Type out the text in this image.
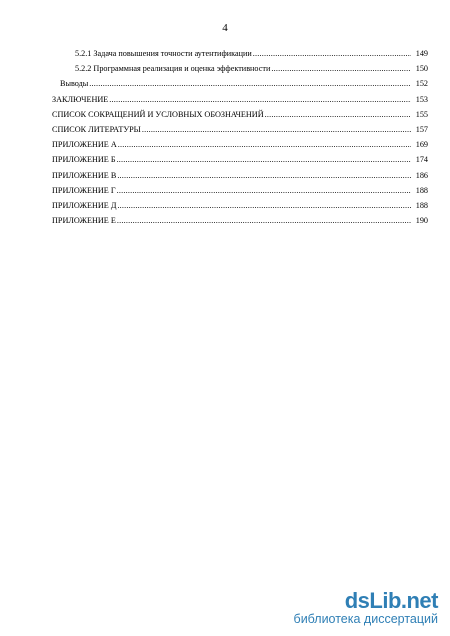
4
5.2.1 Задача повышения точности аутентификации .....	149
5.2.2 Программная реализация и оценка эффективности .....	150
Выводы .....	152
ЗАКЛЮЧЕНИЕ .....	153
СПИСОК СОКРАЩЕНИЙ И УСЛОВНЫХ ОБОЗНАЧЕНИЙ .....	155
СПИСОК ЛИТЕРАТУРЫ .....	157
ПРИЛОЖЕНИЕ А .....	169
ПРИЛОЖЕНИЕ Б .....	174
ПРИЛОЖЕНИЕ В .....	186
ПРИЛОЖЕНИЕ Г .....	188
ПРИЛОЖЕНИЕ Д .....	188
ПРИЛОЖЕНИЕ Е .....	190
dsLib.net
библиотека диссертаций
